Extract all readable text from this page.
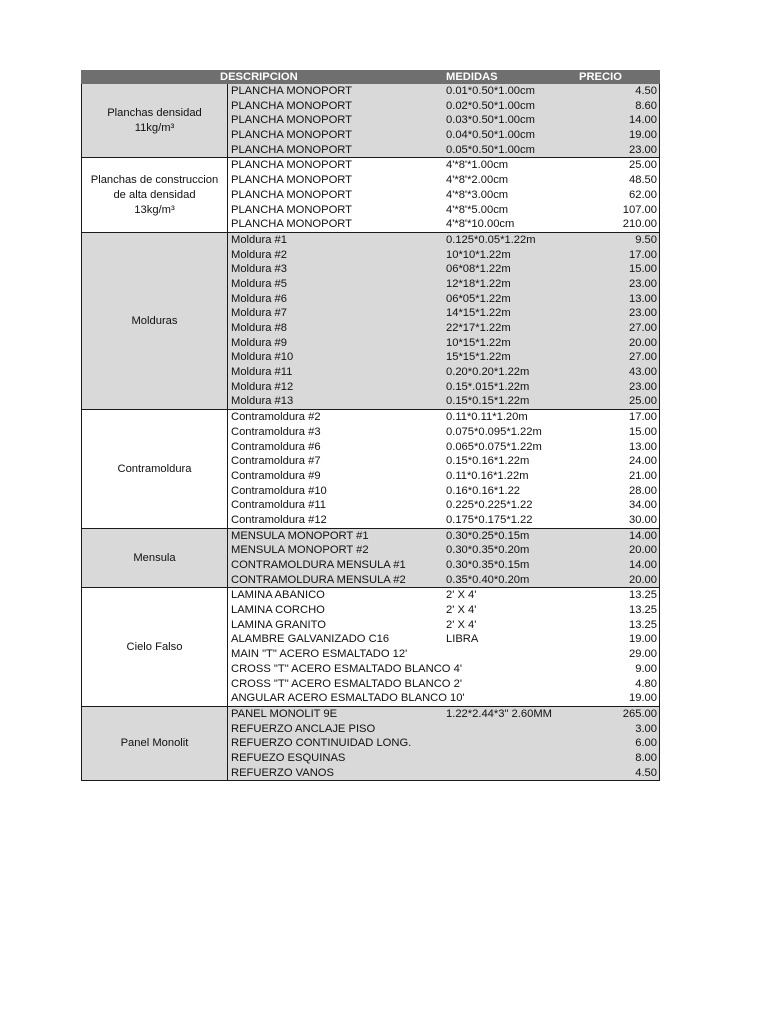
DESCRIPCION	MEDIDAS	PRECIO
Planchas densidad
11kg/m³
PLANCHA MONOPORT	0.01*0.50*1.00cm	4.50
PLANCHA MONOPORT	0.02*0.50*1.00cm	8.60
PLANCHA MONOPORT	0.03*0.50*1.00cm	14.00
PLANCHA MONOPORT	0.04*0.50*1.00cm	19.00
PLANCHA MONOPORT	0.05*0.50*1.00cm	23.00
Planchas de construccion
de alta densidad
13kg/m³
PLANCHA MONOPORT	4'*8'*1.00cm	25.00
PLANCHA MONOPORT	4'*8'*2.00cm	48.50
PLANCHA MONOPORT	4'*8'*3.00cm	62.00
PLANCHA MONOPORT	4'*8'*5.00cm	107.00
PLANCHA MONOPORT	4'*8'*10.00cm	210.00
Molduras
Moldura #1	0.125*0.05*1.22m	9.50
Moldura #2	10*10*1.22m	17.00
Moldura #3	06*08*1.22m	15.00
Moldura #5	12*18*1.22m	23.00
Moldura #6	06*05*1.22m	13.00
Moldura #7	14*15*1.22m	23.00
Moldura #8	22*17*1.22m	27.00
Moldura #9	10*15*1.22m	20.00
Moldura #10	15*15*1.22m	27.00
Moldura #11	0.20*0.20*1.22m	43.00
Moldura #12	0.15*.015*1.22m	23.00
Moldura #13	0.15*0.15*1.22m	25.00
Contramoldura
Contramoldura #2	0.11*0.11*1.20m	17.00
Contramoldura #3	0.075*0.095*1.22m	15.00
Contramoldura #6	0.065*0.075*1.22m	13.00
Contramoldura #7	0.15*0.16*1.22m	24.00
Contramoldura #9	0.11*0.16*1.22m	21.00
Contramoldura #10	0.16*0.16*1.22	28.00
Contramoldura #11	0.225*0.225*1.22	34.00
Contramoldura #12	0.175*0.175*1.22	30.00
Mensula
MENSULA MONOPORT #1	0.30*0.25*0.15m	14.00
MENSULA MONOPORT #2	0.30*0.35*0.20m	20.00
CONTRAMOLDURA MENSULA #1	0.30*0.35*0.15m	14.00
CONTRAMOLDURA MENSULA #2	0.35*0.40*0.20m	20.00
Cielo Falso
LAMINA ABANICO	2' X 4'	13.25
LAMINA CORCHO	2' X 4'	13.25
LAMINA GRANITO	2' X 4'	13.25
ALAMBRE GALVANIZADO C16	LIBRA	19.00
MAIN "T" ACERO ESMALTADO 12'	29.00
CROSS "T" ACERO ESMALTADO BLANCO 4'	9.00
CROSS "T" ACERO ESMALTADO BLANCO 2'	4.80
ANGULAR ACERO ESMALTADO BLANCO 10'	19.00
Panel Monolit
PANEL MONOLIT 9E	1.22*2.44*3" 2.60MM	265.00
REFUERZO ANCLAJE PISO	3.00
REFUERZO CONTINUIDAD LONG.	6.00
REFUEZO ESQUINAS	8.00
REFUERZO VANOS	4.50
